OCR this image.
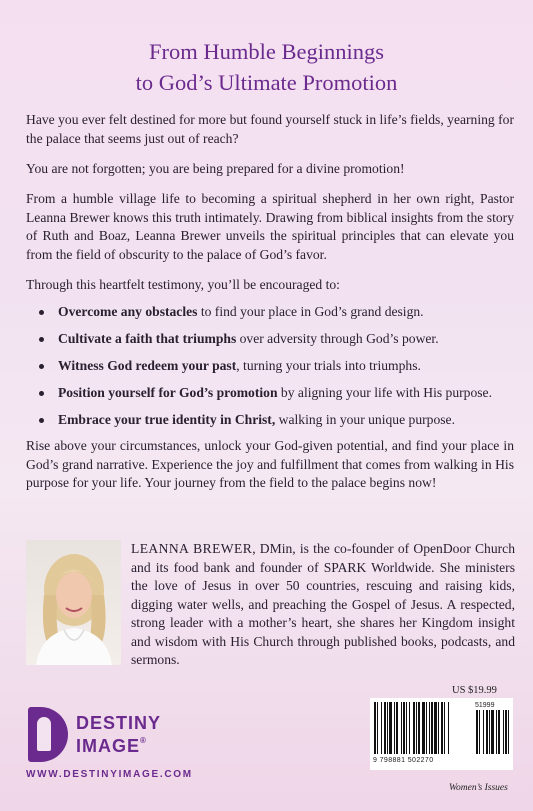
From Humble Beginnings
to God’s Ultimate Promotion
Have you ever felt destined for more but found yourself stuck in life’s fields, yearning for the palace that seems just out of reach?
You are not forgotten; you are being prepared for a divine promotion!
From a humble village life to becoming a spiritual shepherd in her own right, Pastor Leanna Brewer knows this truth intimately. Drawing from biblical insights from the story of Ruth and Boaz, Leanna Brewer unveils the spiritual principles that can elevate you from the field of obscurity to the palace of God’s favor.
Through this heartfelt testimony, you’ll be encouraged to:
Overcome any obstacles to find your place in God’s grand design.
Cultivate a faith that triumphs over adversity through God’s power.
Witness God redeem your past, turning your trials into triumphs.
Position yourself for God’s promotion by aligning your life with His purpose.
Embrace your true identity in Christ, walking in your unique purpose.
Rise above your circumstances, unlock your God-given potential, and find your place in God’s grand narrative. Experience the joy and fulfillment that comes from walking in His purpose for your life. Your journey from the field to the palace begins now!
LEANNA BREWER, DMin, is the co-founder of OpenDoor Church and its food bank and founder of SPARK Worldwide. She ministers the love of Jesus in over 50 countries, rescuing and raising kids, digging water wells, and preaching the Gospel of Jesus. A respected, strong leader with a mother’s heart, she shares her Kingdom insight and wisdom with His Church through published books, podcasts, and sermons.
DESTINY
IMAGE®
WWW.DESTINYIMAGE.COM
US $19.99
51999
9 798881 502270
Women’s Issues
